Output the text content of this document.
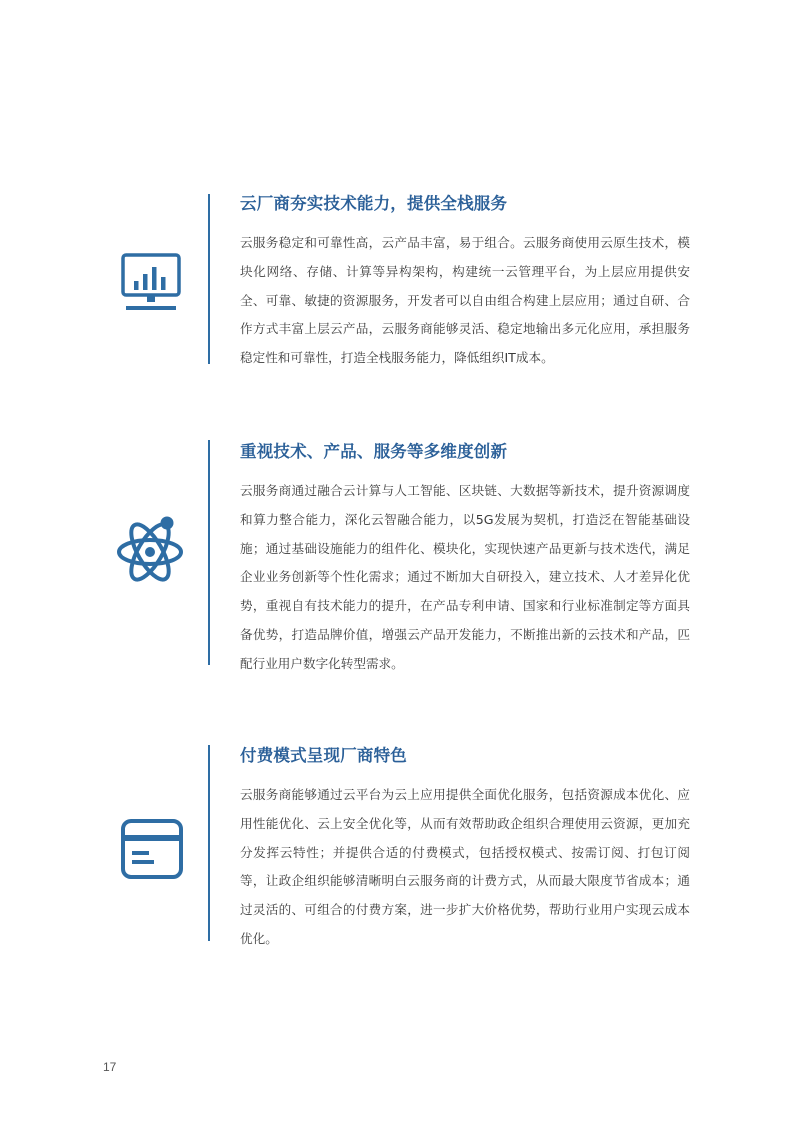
云厂商夯实技术能力，提供全栈服务
云服务稳定和可靠性高，云产品丰富，易于组合。云服务商使用云原生技术，模块化网络、存储、计算等异构架构，构建统一云管理平台，为上层应用提供安全、可靠、敏捷的资源服务，开发者可以自由组合构建上层应用；通过自研、合作方式丰富上层云产品，云服务商能够灵活、稳定地输出多元化应用，承担服务稳定性和可靠性，打造全栈服务能力，降低组织IT成本。
重视技术、产品、服务等多维度创新
云服务商通过融合云计算与人工智能、区块链、大数据等新技术，提升资源调度和算力整合能力，深化云智融合能力，以5G发展为契机，打造泛在智能基础设施；通过基础设施能力的组件化、模块化，实现快速产品更新与技术迭代，满足企业业务创新等个性化需求；通过不断加大自研投入，建立技术、人才差异化优势，重视自有技术能力的提升，在产品专利申请、国家和行业标准制定等方面具备优势，打造品牌价值，增强云产品开发能力，不断推出新的云技术和产品，匹配行业用户数字化转型需求。
付费模式呈现厂商特色
云服务商能够通过云平台为云上应用提供全面优化服务，包括资源成本优化、应用性能优化、云上安全优化等，从而有效帮助政企组织合理使用云资源，更加充分发挥云特性；并提供合适的付费模式，包括授权模式、按需订阅、打包订阅等，让政企组织能够清晰明白云服务商的计费方式，从而最大限度节省成本；通过灵活的、可组合的付费方案，进一步扩大价格优势，帮助行业用户实现云成本优化。
17
